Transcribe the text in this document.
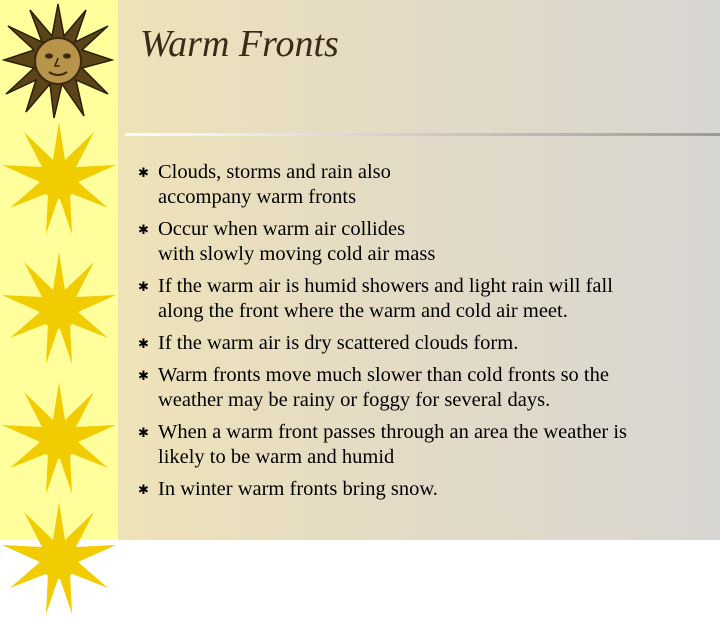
Warm Fronts
✱ Clouds, storms and rain also
accompany warm fronts
✱ Occur when warm air collides
with slowly moving cold air mass
✱ If the warm air is humid showers and light rain will fall
along the front where the warm and cold air meet.
✱ If the warm air is dry scattered clouds form.
✱ Warm fronts move much slower than cold fronts so the
weather may be rainy or foggy for several days.
✱ When a warm front passes through an area the weather is
likely to be warm and humid
✱ In winter warm fronts bring snow.
